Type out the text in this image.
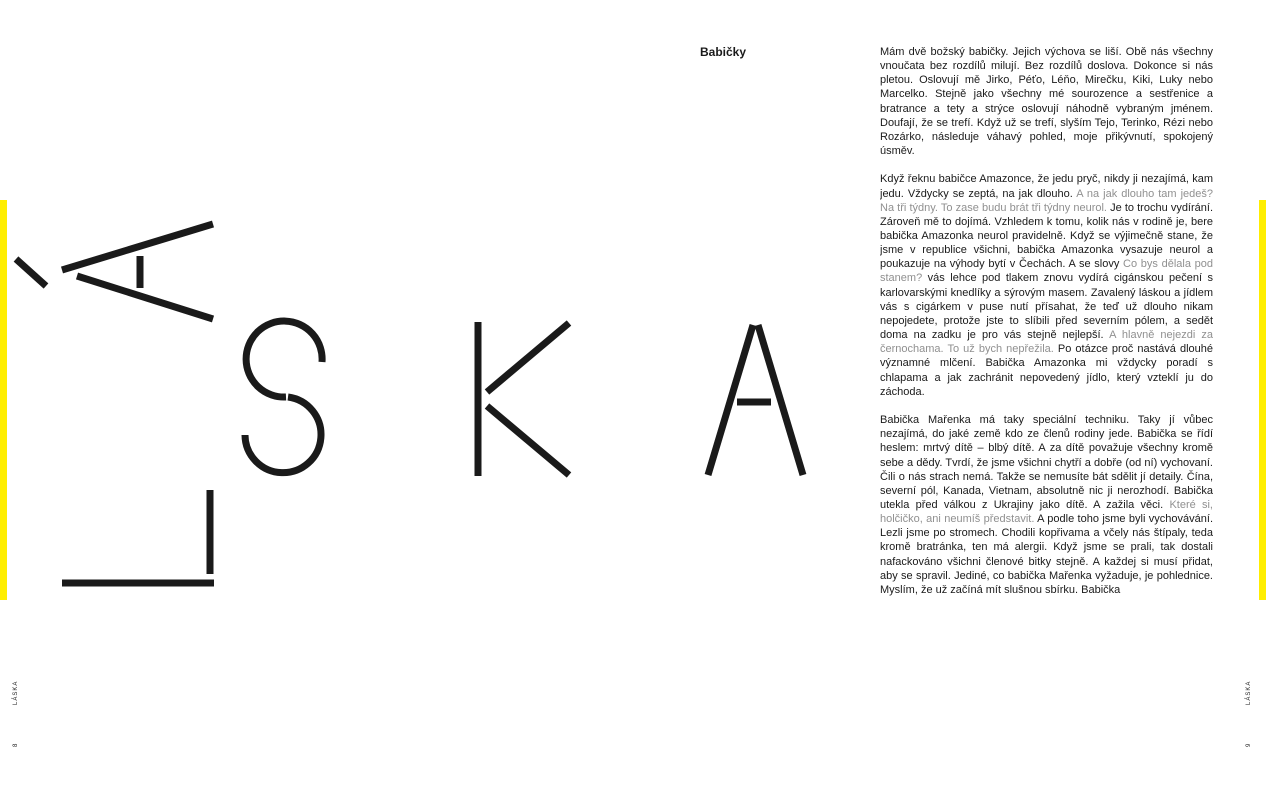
Babičky	Mám dvě božský babičky. Jejich výchova se liší. Obě nás všechny vnoučata bez rozdílů milují. Bez rozdílů doslova. Dokonce si nás pletou. Oslovují mě Jirko, Péťo, Léňo, Mirečku, Kiki, Luky nebo Marcelko. Stejně jako všechny mé sourozence a sestřenice a bratrance a tety a strýce oslovují náhodně vybraným jménem. Doufají, že se trefí. Když už se trefí, slyším Tejo, Terinko, Rézi nebo Rozárko, následuje váhavý pohled, moje přikývnutí, spokojený úsměv.

Když řeknu babičce Amazonce, že jedu pryč, nikdy ji nezajímá, kam jedu. Vždycky se zeptá, na jak dlouho. A na jak dlouho tam jedeš? Na tři týdny. To zase budu brát tři týdny neurol. Je to trochu vydírání. Zároveň mě to dojímá. Vzhledem k tomu, kolik nás v rodině je, bere babička Amazonka neurol pravidelně. Když se výjimečně stane, že jsme v republice všichni, babička Amazonka vysazuje neurol a poukazuje na výhody bytí v Čechách. A se slovy Co bys dělala pod stanem? vás lehce pod tlakem znovu vydírá cigánskou pečení s karlovarskými knedlíky a sýrovým masem. Zavalený láskou a jídlem vás s cigárkem v puse nutí přísahat, že teď už dlouho nikam nepojedete, protože jste to slíbili před severním pólem, a sedět doma na zadku je pro vás stejně nejlepší. A hlavně nejezdi za černochama. To už bych nepřežila. Po otázce proč nastává dlouhé významné mlčení. Babička Amazonka mi vždycky poradí s chlapama a jak zachránit nepovedený jídlo, který vzteklí ju do záchoda.

Babička Mařenka má taky speciální techniku. Taky jí vůbec nezajímá, do jaké země kdo ze členů rodiny jede. Babička se řídí heslem: mrtvý dítě – blbý dítě. A za dítě považuje všechny kromě sebe a dědy. Tvrdí, že jsme všichni chytří a dobře (od ní) vychovaní. Čili o nás strach nemá. Takže se nemusíte bát sdělit jí detaily. Čína, severní pól, Kanada, Vietnam, absolutně nic ji nerozhodí. Babička utekla před válkou z Ukrajiny jako dítě. A zažila věci. Které si, holčičko, ani neumíš představit. A podle toho jsme byli vychovávání. Lezli jsme po stromech. Chodili kopřivama a včely nás štípaly, teda kromě bratránka, ten má alergii. Když jsme se prali, tak dostali nafackováno všichni členové bitky stejně. A každej si musí přidat, aby se spravil. Jediné, co babička Mařenka vyžaduje, je pohlednice. Myslím, že už začíná mít slušnou sbírku. Babička

LÁSKA	LÁSKA
8	9
